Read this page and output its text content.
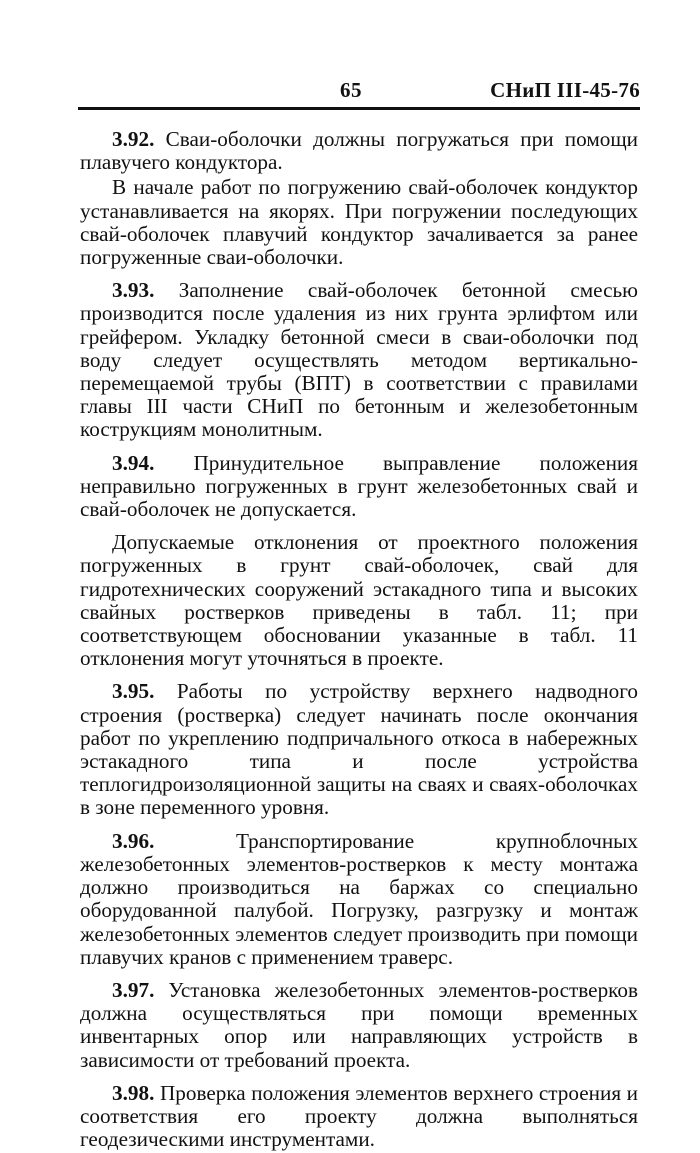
65	СНиП III-45-76

3.92. Сваи-оболочки должны погружаться при помощи плавучего кондуктора.

В начале работ по погружению свай-оболочек кондуктор устанавливается на якорях. При погружении последующих свай-оболочек плавучий кондуктор зачаливается за ранее погруженные сваи-оболочки.

3.93. Заполнение свай-оболочек бетонной смесью производится после удаления из них грунта эрлифтом или грейфером. Укладку бетонной смеси в сваи-оболочки под воду следует осуществлять методом вертикально-перемещаемой трубы (ВПТ) в соответствии с правилами главы III части СНиП по бетонным и железобетонным кострукциям монолитным.

3.94. Принудительное выправление положения неправильно погруженных в грунт железобетонных свай и свай-оболочек не допускается.

Допускаемые отклонения от проектного положения погруженных в грунт свай-оболочек, свай для гидротехнических сооружений эстакадного типа и высоких свайных ростверков приведены в табл. 11; при соответствующем обосновании указанные в табл. 11 отклонения могут уточняться в проекте.

3.95. Работы по устройству верхнего надводного строения (ростверка) следует начинать после окончания работ по укреплению подпричального откоса в набережных эстакадного типа и после устройства теплогидроизоляционной защиты на сваях и сваях-оболочках в зоне переменного уровня.

3.96. Транспортирование крупноблочных железобетонных элементов-ростверков к месту монтажа должно производиться на баржах со специально оборудованной палубой. Погрузку, разгрузку и монтаж железобетонных элементов следует производить при помощи плавучих кранов с применением траверс.

3.97. Установка железобетонных элементов-ростверков должна осуществляться при помощи временных инвентарных опор или направляющих устройств в зависимости от требований проекта.

3.98. Проверка положения элементов верхнего строения и соответствия его проекту должна выполняться геодезическими инструментами.
